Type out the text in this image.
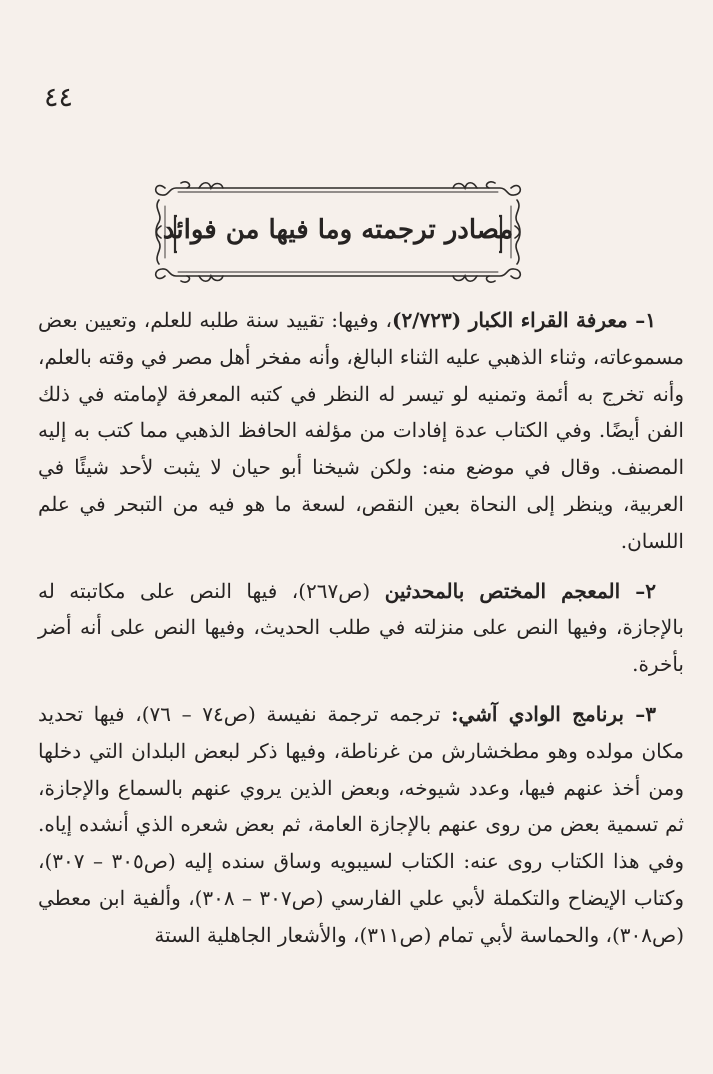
٤٤
مصادر ترجمته وما فيها من فوائد

١– معرفة القراء الكبار (٢/٧٢٣)، وفيها: تقييد سنة طلبه للعلم، وتعيين بعض مسموعاته، وثناء الذهبي عليه الثناء البالغ، وأنه مفخر أهل مصر في وقته بالعلم، وأنه تخرج به أئمة وتمنيه لو تيسر له النظر في كتبه المعرفة لإمامته في ذلك الفن أيضًا. وفي الكتاب عدة إفادات من مؤلفه الحافظ الذهبي مما كتب به إليه المصنف. وقال في موضع منه: ولكن شيخنا أبو حيان لا يثبت لأحد شيئًا في العربية، وينظر إلى النحاة بعين النقص، لسعة ما هو فيه من التبحر في علم اللسان.

٢– المعجم المختص بالمحدثين (ص٢٦٧)، فيها النص على مكاتبته له بالإجازة، وفيها النص على منزلته في طلب الحديث، وفيها النص على أنه أضر بأخرة.

٣– برنامج الوادي آشي: ترجمه ترجمة نفيسة (ص٧٤ – ٧٦)، فيها تحديد مكان مولده وهو مطخشارش من غرناطة، وفيها ذكر لبعض البلدان التي دخلها ومن أخذ عنهم فيها، وعدد شيوخه، وبعض الذين يروي عنهم بالسماع والإجازة، ثم تسمية بعض من روى عنهم بالإجازة العامة، ثم بعض شعره الذي أنشده إياه. وفي هذا الكتاب روى عنه: الكتاب لسيبويه وساق سنده إليه (ص٣٠٥ – ٣٠٧)، وكتاب الإيضاح والتكملة لأبي علي الفارسي (ص٣٠٧ – ٣٠٨)، وألفية ابن معطي (ص٣٠٨)، والحماسة لأبي تمام (ص٣١١)، والأشعار الجاهلية الستة
